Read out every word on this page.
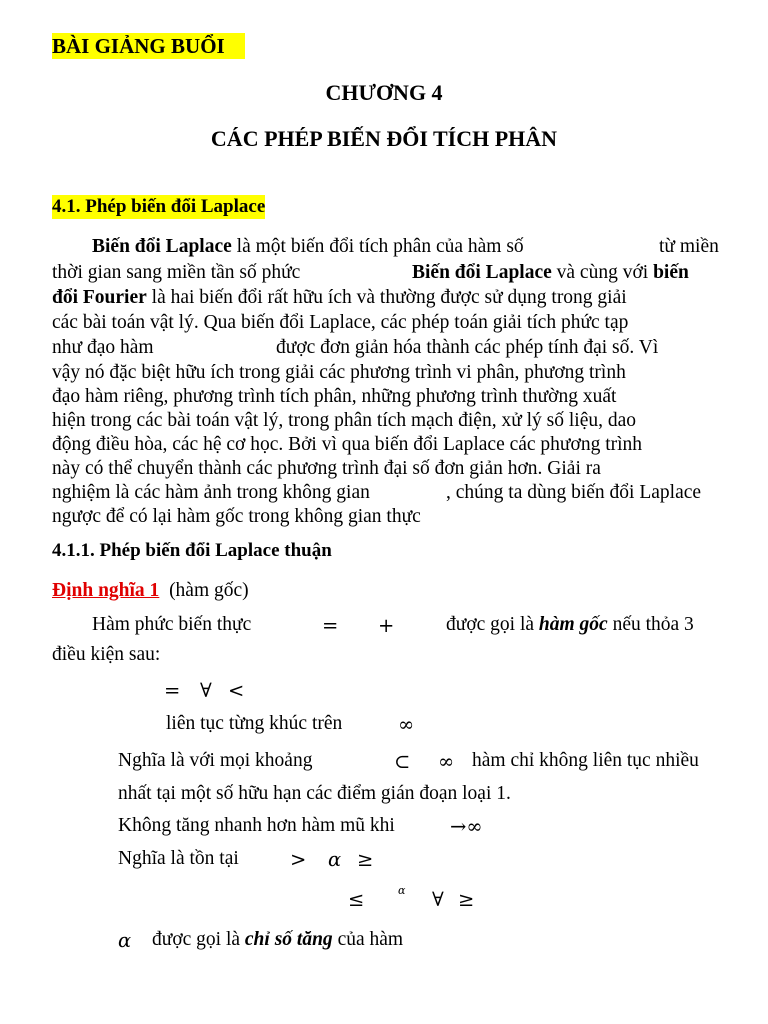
BÀI GIẢNG BUỔI
CHƯƠNG 4
CÁC PHÉP BIẾN ĐỔI TÍCH PHÂN
4.1. Phép biến đổi Laplace
Biến đổi Laplace là một biến đổi tích phân của hàm số	từ miền
thời gian sang miền tần số phức	Biến đổi Laplace và cùng với biến
đổi Fourier là hai biến đổi rất hữu ích và thường được sử dụng trong giải
các bài toán vật lý. Qua biến đổi Laplace, các phép toán giải tích phức tạp
như đạo hàm	được đơn giản hóa thành các phép tính đại số. Vì
vậy nó đặc biệt hữu ích trong giải các phương trình vi phân, phương trình
đạo hàm riêng, phương trình tích phân, những phương trình thường xuất
hiện trong các bài toán vật lý, trong phân tích mạch điện, xử lý số liệu, dao
động điều hòa, các hệ cơ học. Bởi vì qua biến đổi Laplace các phương trình
này có thể chuyển thành các phương trình đại số đơn giản hơn. Giải ra
nghiệm là các hàm ảnh trong không gian	, chúng ta dùng biến đổi Laplace
ngược để có lại hàm gốc trong không gian thực
4.1.1. Phép biến đổi Laplace thuận
Định nghĩa 1 (hàm gốc)
Hàm phức biến thực	= +	được gọi là hàm gốc nếu thỏa 3
điều kiện sau:
= ∀ <
liên tục từng khúc trên	∞
Nghĩa là với mọi khoảng	⊂ ∞ hàm chỉ không liên tục nhiều
nhất tại một số hữu hạn các điểm gián đoạn loại 1.
Không tăng nhanh hơn hàm mũ khi	→∞
Nghĩa là tồn tại	> α ≥
≤	α ∀ ≥
α được gọi là chỉ số tăng của hàm
